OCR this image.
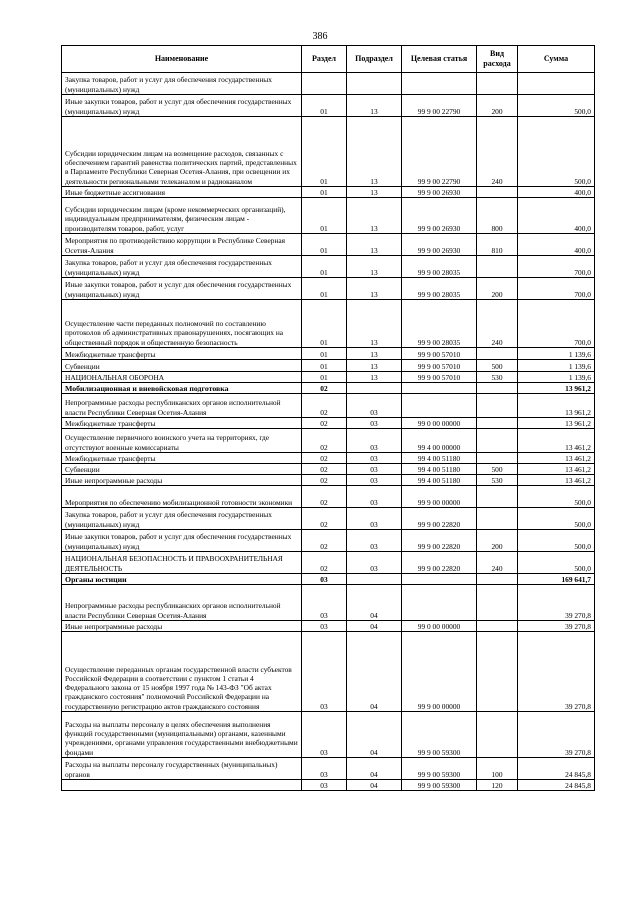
386
Наименование	Раздел	Подраздел	Целевая статья	Вид расхода	Сумма
Закупка товаров, работ и услуг для обеспечения государственных (муниципальных) нужд					
Иные закупки товаров, работ и услуг для обеспечения государственных (муниципальных) нужд	01	13	99 9 00 22790	200	500,0
Субсидии юридическим лицам на возмещение расходов, связанных с обеспечением гарантий равенства политических партий, представленных в Парламенте Республики Северная Осетия-Алания, при освещении их деятельности региональными телеканалом и радиоканалом	01	13	99 9 00 22790	240	500,0
Иные бюджетные ассигнования	01	13	99 9 00 26930		400,0
Субсидии юридическим лицам (кроме некоммерческих организаций), индивидуальным предпринимателям, физическим лицам - производителям товаров, работ, услуг	01	13	99 9 00 26930	800	400,0
Мероприятия по противодействию коррупции в Республике Северная Осетия-Алания	01	13	99 9 00 26930	810	400,0
Закупка товаров, работ и услуг для обеспечения государственных (муниципальных) нужд	01	13	99 9 00 28035		700,0
Иные закупки товаров, работ и услуг для обеспечения государственных (муниципальных) нужд	01	13	99 9 00 28035	200	700,0
Осуществление части переданных полномочий по составлению протоколов об административных правонарушениях, посягающих на общественный порядок и общественную безопасность	01	13	99 9 00 28035	240	700,0
Межбюджетные трансферты	01	13	99 9 00 57010		1 139,6
Субвенции	01	13	99 9 00 57010	500	1 139,6
НАЦИОНАЛЬНАЯ ОБОРОНА	01	13	99 9 00 57010	530	1 139,6
Мобилизационная и вневойсковая подготовка	02				13 961,2
Непрограммные расходы республиканских органов исполнительной власти Республики Северная Осетия-Алания	02	03			13 961,2
Межбюджетные трансферты	02	03	99 0 00 00000		13 961,2
Осуществление первичного воинского учета на территориях, где отсутствуют военные комиссариаты	02	03	99 4 00 00000		13 461,2
Межбюджетные трансферты	02	03	99 4 00 51180		13 461,2
Субвенции	02	03	99 4 00 51180	500	13 461,2
Иные непрограммные расходы	02	03	99 4 00 51180	530	13 461,2
Мероприятия по обеспечению мобилизационной готовности экономики	02	03	99 9 00 00000		500,0
Закупка товаров, работ и услуг для обеспечения государственных (муниципальных) нужд	02	03	99 9 00 22820		500,0
Иные закупки товаров, работ и услуг для обеспечения государственных (муниципальных) нужд	02	03	99 9 00 22820	200	500,0
НАЦИОНАЛЬНАЯ БЕЗОПАСНОСТЬ И ПРАВООХРАНИТЕЛЬНАЯ ДЕЯТЕЛЬНОСТЬ	02	03	99 9 00 22820	240	500,0
Органы юстиции	03				169 641,7
Непрограммные расходы республиканских органов исполнительной власти Республики Северная Осетия-Алания	03	04			39 270,8
Иные непрограммные расходы	03	04	99 0 00 00000		39 270,8
Осуществление переданных органам государственной власти субъектов Российской Федерации в соответствии с пунктом 1 статьи 4 Федерального закона от 15 ноября 1997 года № 143-ФЗ "Об актах гражданского состояния" полномочий Российской Федерации на государственную регистрацию актов гражданского состояния	03	04	99 9 00 00000		39 270,8
Расходы на выплаты персоналу в целях обеспечения выполнения функций государственными (муниципальными) органами, казенными учреждениями, органами управления государственными внебюджетными фондами	03	04	99 9 00 59300		39 270,8
Расходы на выплаты персоналу государственных (муниципальных) органов	03	04	99 9 00 59300	100	24 845,8
	03	04	99 9 00 59300	120	24 845,8
